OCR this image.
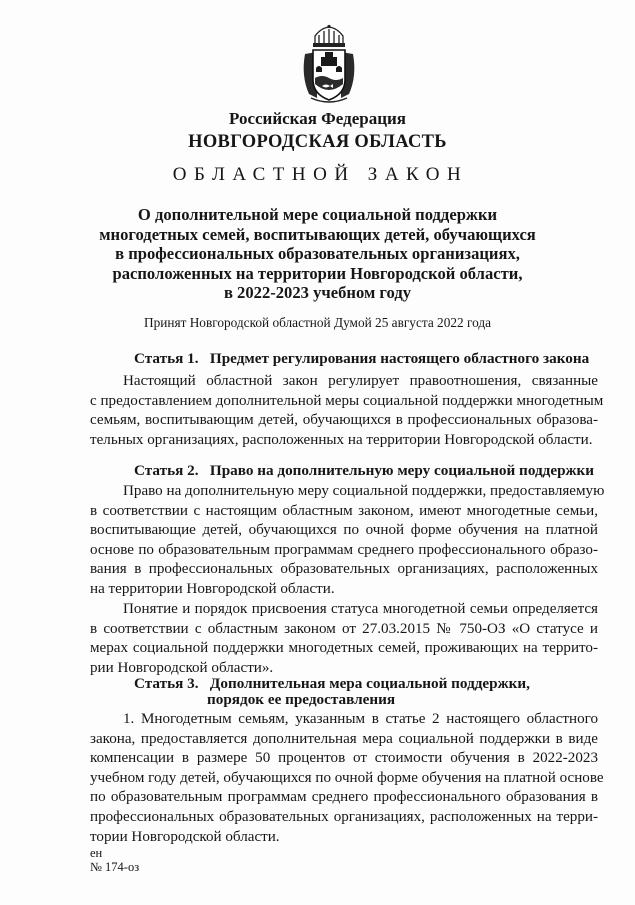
Российская Федерация
НОВГОРОДСКАЯ ОБЛАСТЬ
ОБЛАСТНОЙ ЗАКОН
О дополнительной мере социальной поддержки
многодетных семей, воспитывающих детей, обучающихся
в профессиональных образовательных организациях,
расположенных на территории Новгородской области,
в 2022-2023 учебном году
Принят Новгородской областной Думой 25 августа 2022 года
Статья 1. Предмет регулирования настоящего областного закона
Настоящий областной закон регулирует правоотношения, связанные
с предоставлением дополнительной меры социальной поддержки многодетным
семьям, воспитывающим детей, обучающихся в профессиональных образова-
тельных организациях, расположенных на территории Новгородской области.
Статья 2. Право на дополнительную меру социальной поддержки
Право на дополнительную меру социальной поддержки, предоставляемую
в соответствии с настоящим областным законом, имеют многодетные семьи,
воспитывающие детей, обучающихся по очной форме обучения на платной
основе по образовательным программам среднего профессионального образо-
вания в профессиональных образовательных организациях, расположенных
на территории Новгородской области.
Понятие и порядок присвоения статуса многодетной семьи определяется
в соответствии с областным законом от 27.03.2015 № 750-ОЗ «О статусе и
мерах социальной поддержки многодетных семей, проживающих на террито-
рии Новгородской области».
Статья 3. Дополнительная мера социальной поддержки,
порядок ее предоставления
1. Многодетным семьям, указанным в статье 2 настоящего областного
закона, предоставляется дополнительная мера социальной поддержки в виде
компенсации в размере 50 процентов от стоимости обучения в 2022-2023
учебном году детей, обучающихся по очной форме обучения на платной основе
по образовательным программам среднего профессионального образования в
профессиональных образовательных организациях, расположенных на терри-
тории Новгородской области.
ен
№ 174-оз
